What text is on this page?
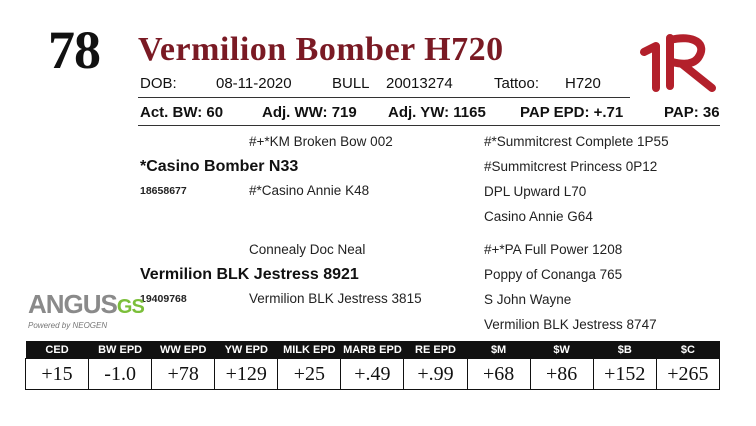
78 Vermilion Bomber H720
DOB:	08-11-2020	BULL 20013274	Tattoo: H720
Act. BW: 60	Adj. WW: 719 Adj. YW: 1165 PAP EPD: +.71	PAP: 36
#+*KM Broken Bow 002
*Casino Bomber N33
18658677	#*Casino Annie K48
#*Summitcrest Complete 1P55
#Summitcrest Princess 0P12
DPL Upward L70
Casino Annie G64
Connealy Doc Neal
Vermilion BLK Jestress 8921
19409768	Vermilion BLK Jestress 3815
#+*PA Full Power 1208
Poppy of Conanga 765
S John Wayne
Vermilion BLK Jestress 8747
ANGUSGS
Powered by NEOGEN
CED	BW EPD	WW EPD	YW EPD	MILK EPD	MARB EPD	RE EPD	$M	$W	$B	$C
+15	-1.0	+78	+129	+25	+.49	+.99	+68	+86	+152	+265
